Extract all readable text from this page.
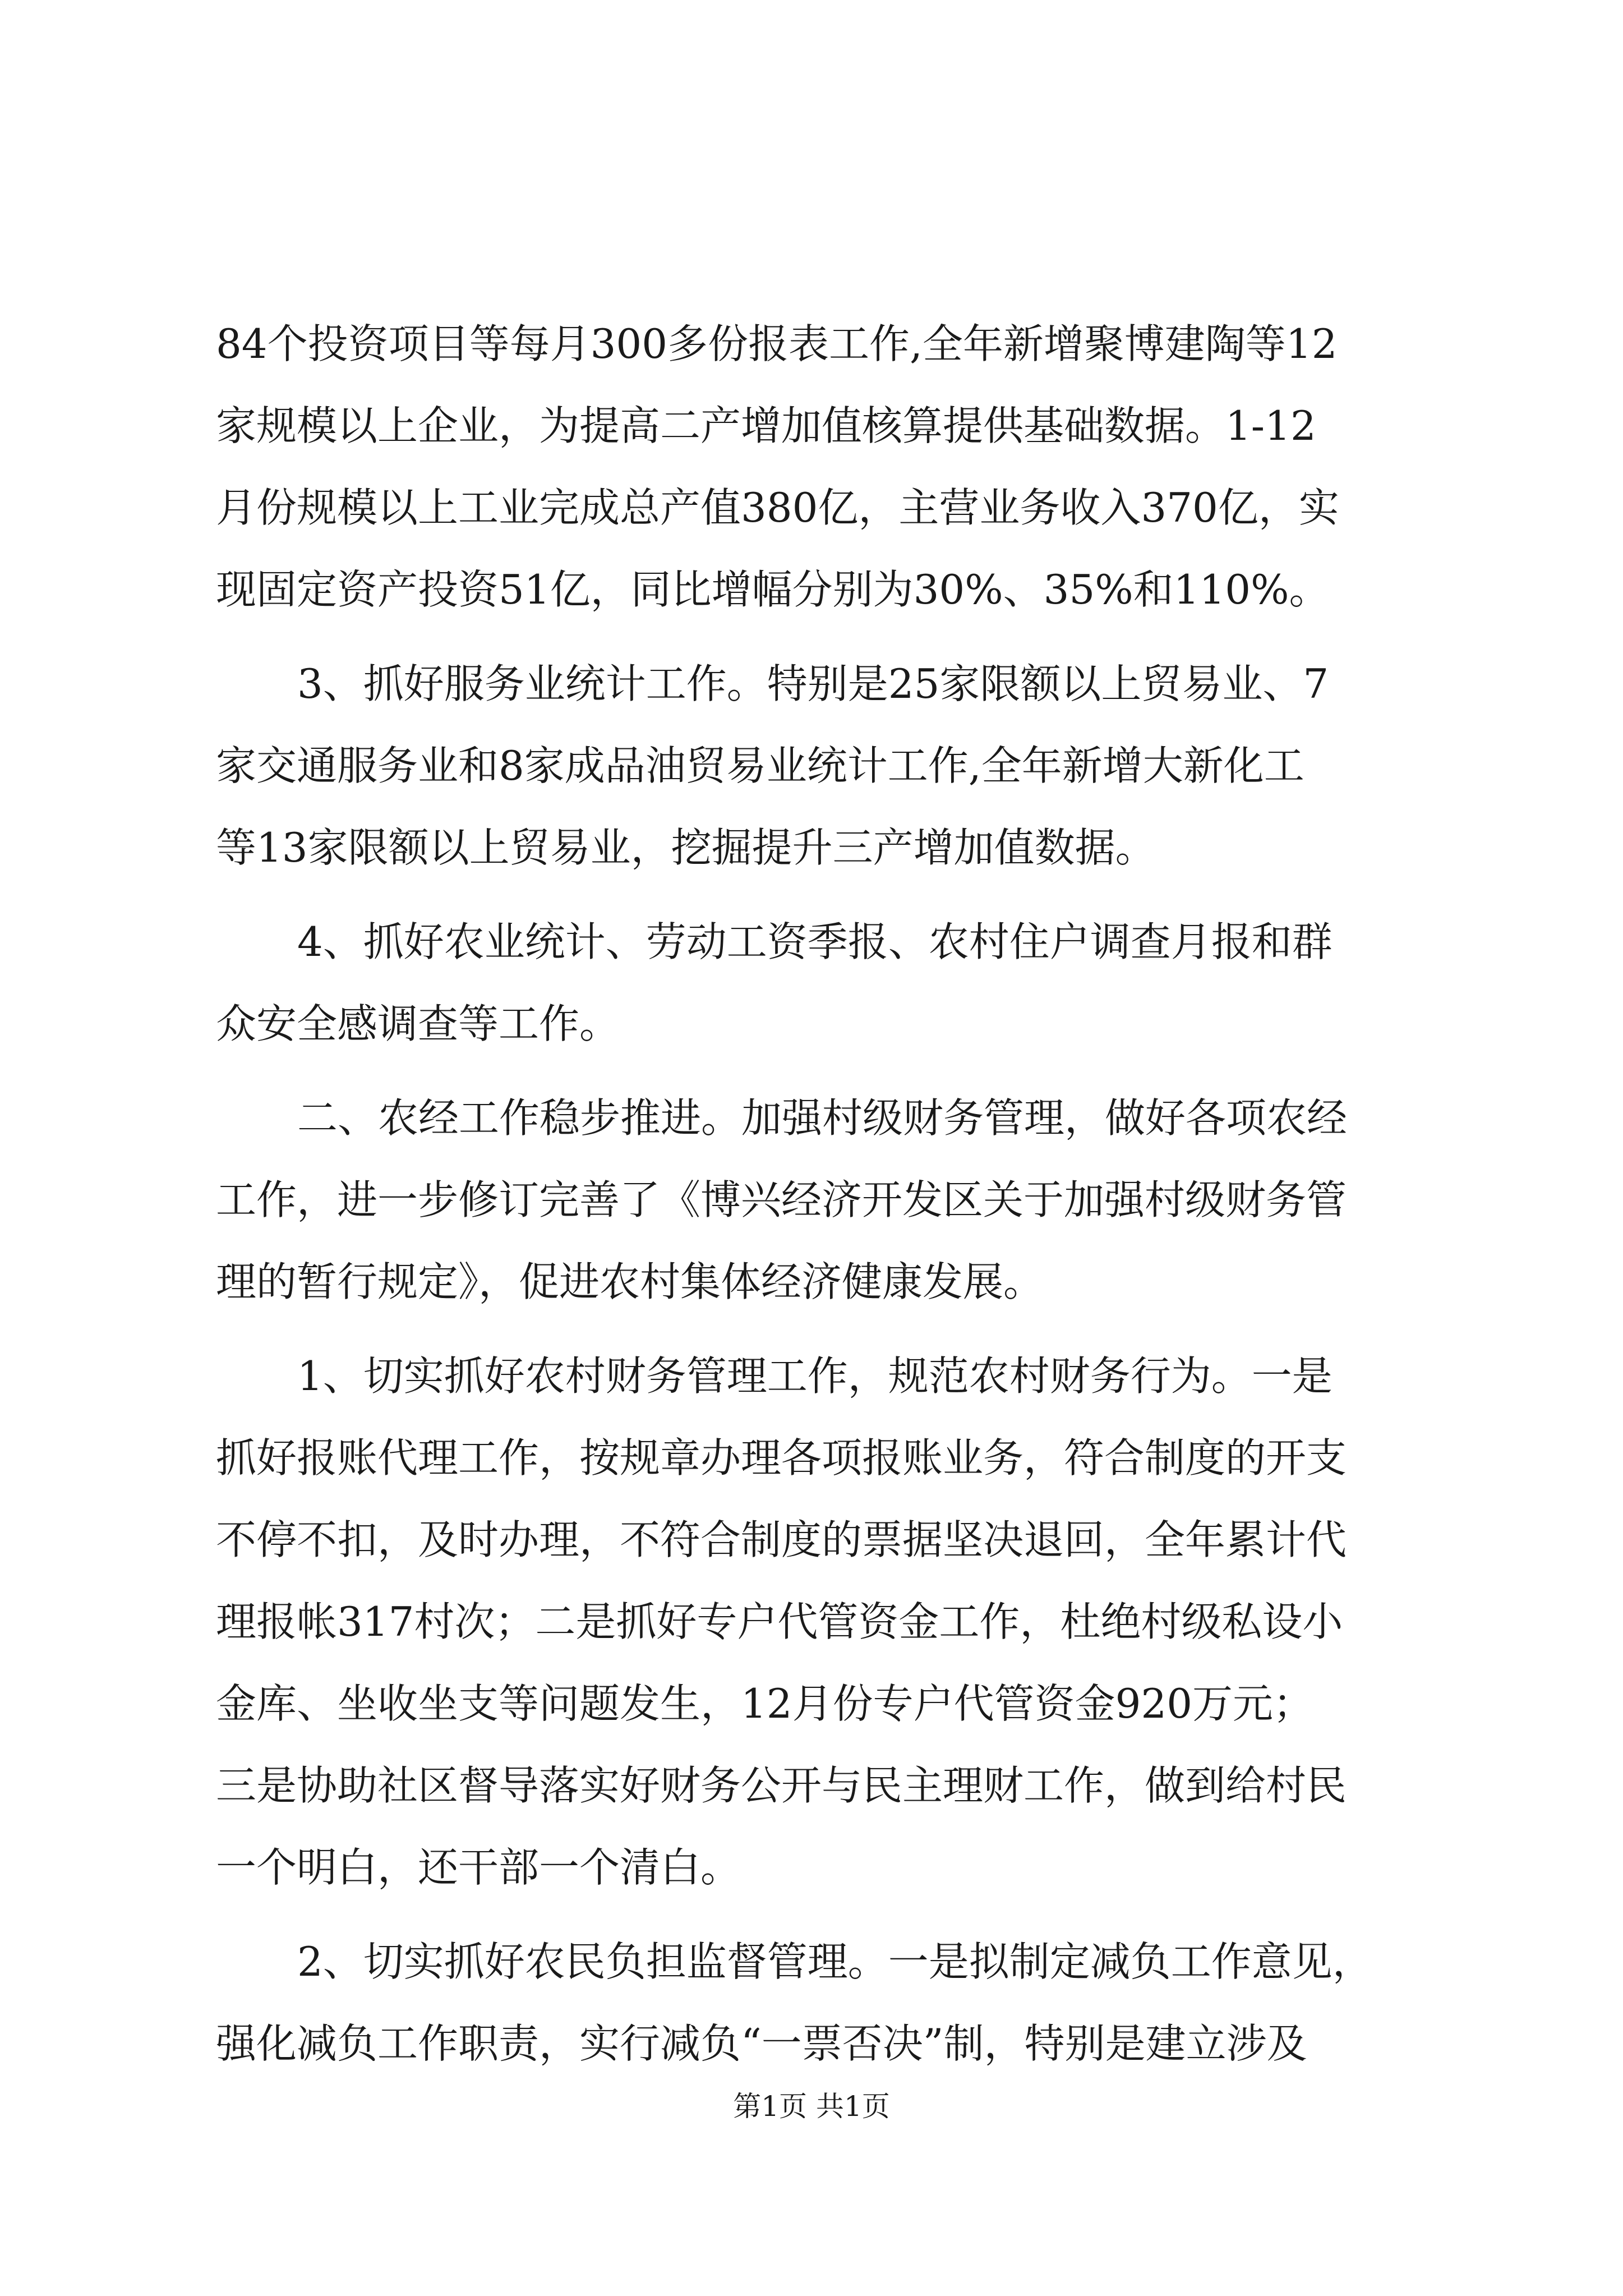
84个投资项目等每月300多份报表工作,全年新增聚博建陶等12
家规模以上企业，为提高二产增加值核算提供基础数据。1-12
月份规模以上工业完成总产值380亿，主营业务收入370亿，实
现固定资产投资51亿，同比增幅分别为30%、35%和110%。
3、抓好服务业统计工作。特别是25家限额以上贸易业、7
家交通服务业和8家成品油贸易业统计工作,全年新增大新化工
等13家限额以上贸易业，挖掘提升三产增加值数据。
4、抓好农业统计、劳动工资季报、农村住户调查月报和群
众安全感调查等工作。
二、农经工作稳步推进。加强村级财务管理，做好各项农经
工作，进一步修订完善了《博兴经济开发区关于加强村级财务管
理的暂行规定》，促进农村集体经济健康发展。
1、切实抓好农村财务管理工作，规范农村财务行为。一是
抓好报账代理工作，按规章办理各项报账业务，符合制度的开支
不停不扣，及时办理，不符合制度的票据坚决退回，全年累计代
理报帐317村次；二是抓好专户代管资金工作，杜绝村级私设小
金库、坐收坐支等问题发生，12月份专户代管资金920万元；
三是协助社区督导落实好财务公开与民主理财工作，做到给村民
一个明白，还干部一个清白。
2、切实抓好农民负担监督管理。一是拟制定减负工作意见，
强化减负工作职责，实行减负“一票否决”制，特别是建立涉及
第1页 共1页
